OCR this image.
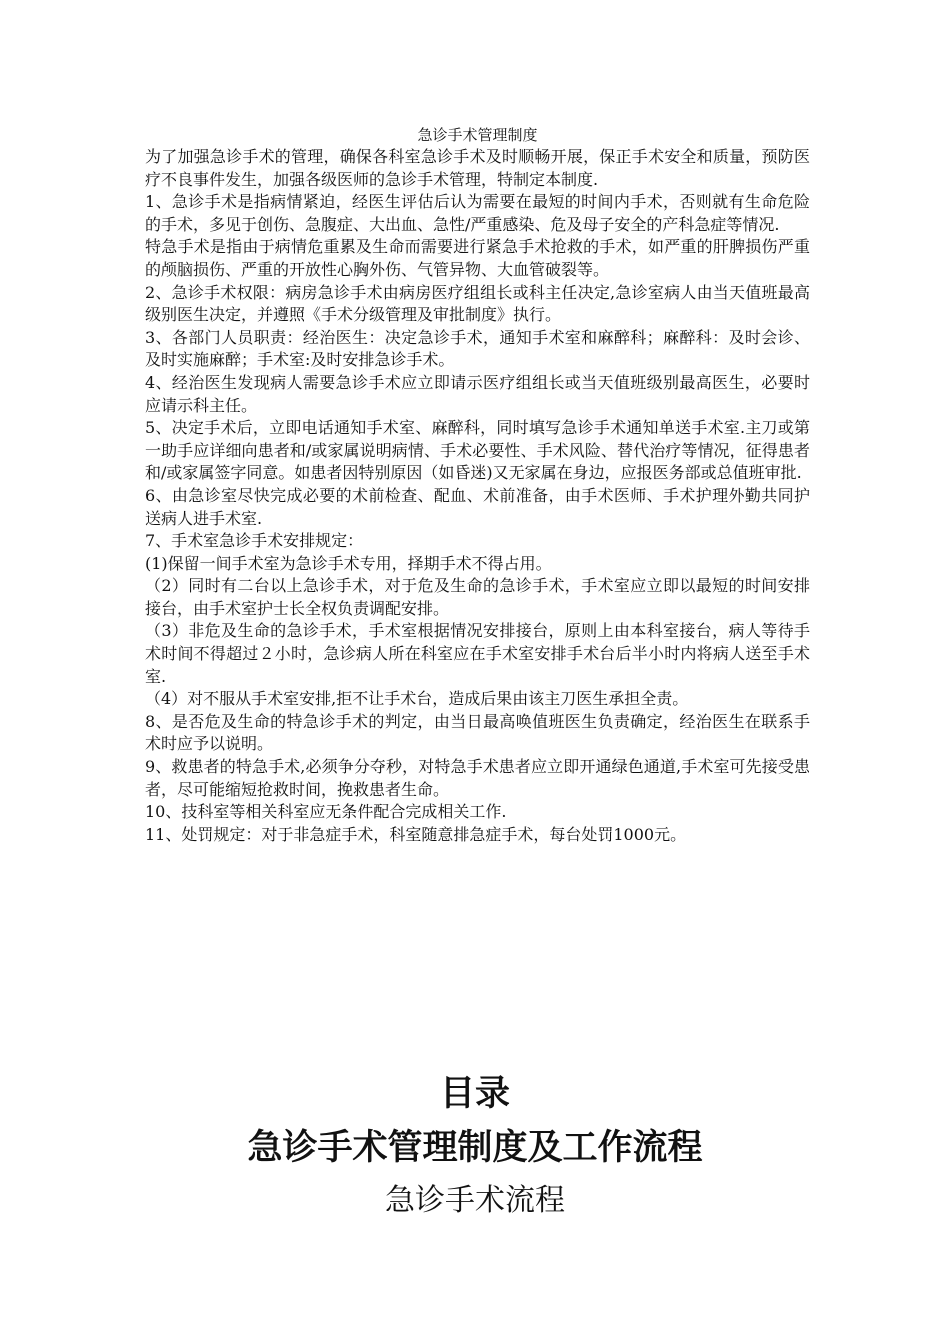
急诊手术管理制度

为了加强急诊手术的管理，确保各科室急诊手术及时顺畅开展，保正手术安全和质量，预防医疗不良事件发生，加强各级医师的急诊手术管理，特制定本制度.

1、急诊手术是指病情紧迫，经医生评估后认为需要在最短的时间内手术，否则就有生命危险的手术，多见于创伤、急腹症、大出血、急性/严重感染、危及母子安全的产科急症等情况.

特急手术是指由于病情危重累及生命而需要进行紧急手术抢救的手术，如严重的肝脾损伤严重的颅脑损伤、严重的开放性心胸外伤、气管异物、大血管破裂等。

2、急诊手术权限：病房急诊手术由病房医疗组组长或科主任决定,急诊室病人由当天值班最高级别医生决定，并遵照《手术分级管理及审批制度》执行。

3、各部门人员职责：经治医生：决定急诊手术，通知手术室和麻醉科；麻醉科：及时会诊、及时实施麻醉；手术室:及时安排急诊手术。

4、经治医生发现病人需要急诊手术应立即请示医疗组组长或当天值班级别最高医生，必要时应请示科主任。

5、决定手术后，立即电话通知手术室、麻醉科，同时填写急诊手术通知单送手术室.主刀或第一助手应详细向患者和/或家属说明病情、手术必要性、手术风险、替代治疗等情况，征得患者和/或家属签字同意。如患者因特别原因（如昏迷)又无家属在身边，应报医务部或总值班审批.

6、由急诊室尽快完成必要的术前检查、配血、术前准备，由手术医师、手术护理外勤共同护送病人进手术室.

7、手术室急诊手术安排规定：

(1)保留一间手术室为急诊手术专用，择期手术不得占用。

（2）同时有二台以上急诊手术，对于危及生命的急诊手术，手术室应立即以最短的时间安排接台，由手术室护士长全权负责调配安排。

（3）非危及生命的急诊手术，手术室根据情况安排接台，原则上由本科室接台，病人等待手术时间不得超过２小时，急诊病人所在科室应在手术室安排手术台后半小时内将病人送至手术室.

（4）对不服从手术室安排,拒不让手术台，造成后果由该主刀医生承担全责。

8、是否危及生命的特急诊手术的判定，由当日最高唤值班医生负责确定，经治医生在联系手术时应予以说明。

9、救患者的特急手术,必须争分夺秒，对特急手术患者应立即开通绿色通道,手术室可先接受患者，尽可能缩短抢救时间，挽救患者生命。

10、技科室等相关科室应无条件配合完成相关工作.

11、处罚规定：对于非急症手术，科室随意排急症手术，每台处罚1000元。

目录
急诊手术管理制度及工作流程
急诊手术流程
